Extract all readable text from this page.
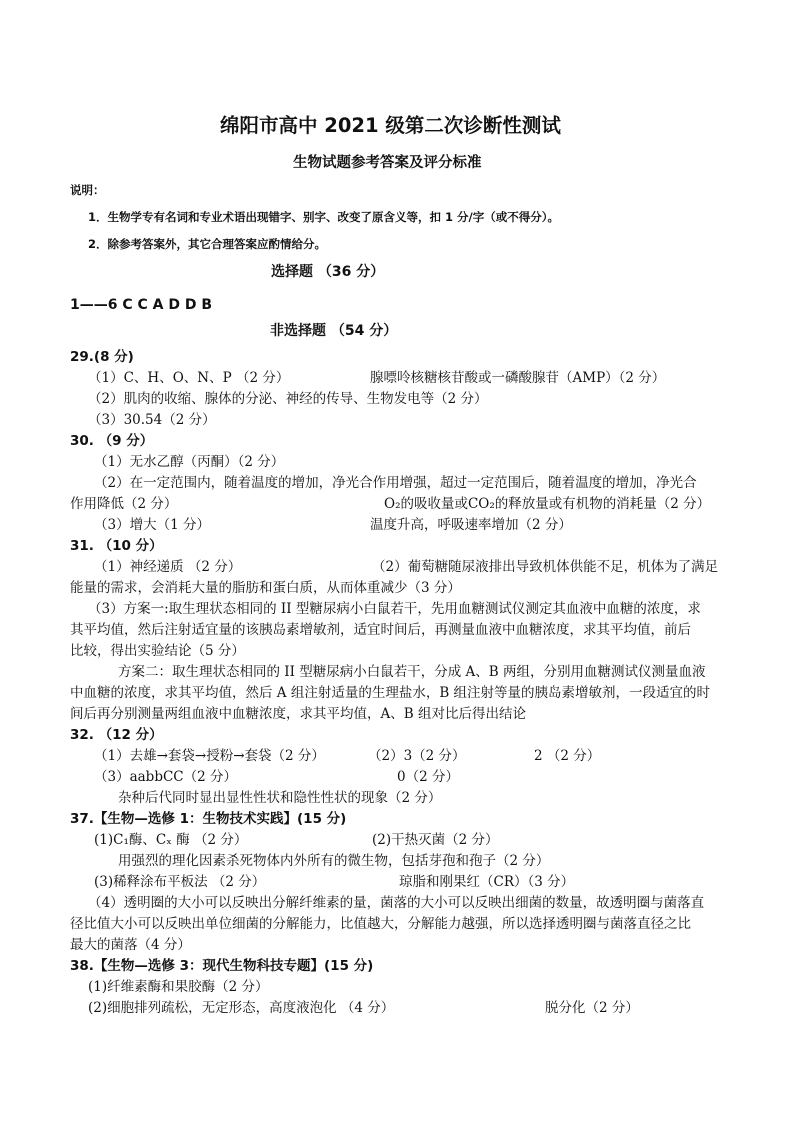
绵阳市高中 2021 级第二次诊断性测试
生物试题参考答案及评分标准
说明：
1．生物学专有名词和专业术语出现错字、别字、改变了原含义等，扣 1 分/字（或不得分）。
2．除参考答案外，其它合理答案应酌情给分。
选择题 （36 分）
1——6 C C A D D B
非选择题 （54 分）
29.(8 分)
（1）C、H、O、N、P （2 分）	腺嘌呤核糖核苷酸或一磷酸腺苷（AMP）（2 分）
（2）肌肉的收缩、腺体的分泌、神经的传导、生物发电等（2 分）
（3）30.54（2 分）
30. （9 分）
（1）无水乙醇（丙酮）（2 分）
（2）在一定范围内，随着温度的增加，净光合作用增强，超过一定范围后，随着温度的增加，净光合
作用降低（2 分）	O₂的吸收量或CO₂的释放量或有机物的消耗量（2 分）
（3）增大（1 分）	温度升高，呼吸速率增加（2 分）
31. （10 分）
（1）神经递质 （2 分）	（2）葡萄糖随尿液排出导致机体供能不足，机体为了满足
能量的需求，会消耗大量的脂肪和蛋白质，从而体重减少（3 分）
（3）方案一:取生理状态相同的 II 型糖尿病小白鼠若干，先用血糖测试仪测定其血液中血糖的浓度，求
其平均值，然后注射适宜量的该胰岛素增敏剂，适宜时间后，再测量血液中血糖浓度，求其平均值，前后
比较，得出实验结论（5 分）
方案二：取生理状态相同的 II 型糖尿病小白鼠若干，分成 A、B 两组，分别用血糖测试仪测量血液
中血糖的浓度，求其平均值，然后 A 组注射适量的生理盐水，B 组注射等量的胰岛素增敏剂，一段适宜的时
间后再分别测量两组血液中血糖浓度，求其平均值，A、B 组对比后得出结论
32. （12 分）
（1）去雄→套袋→授粉→套袋（2 分）	（2）3（2 分）	2 （2 分）
（3）aabbCC（2 分）	0（2 分）
杂种后代同时显出显性性状和隐性性状的现象（2 分）
37.【生物—选修 1：生物技术实践】(15 分)
(1)C₁酶、Cₓ 酶 （2 分）	(2)干热灭菌（2 分）
用强烈的理化因素杀死物体内外所有的微生物，包括芽孢和孢子（2 分）
(3)稀释涂布平板法 （2 分）	琼脂和刚果红（CR）（3 分）
（4）透明圈的大小可以反映出分解纤维素的量，菌落的大小可以反映出细菌的数量，故透明圈与菌落直
径比值大小可以反映出单位细菌的分解能力，比值越大，分解能力越强，所以选择透明圈与菌落直径之比
最大的菌落（4 分）
38.【生物—选修 3：现代生物科技专题】(15 分)
(1)纤维素酶和果胶酶（2 分）
(2)细胞排列疏松，无定形态，高度液泡化 （4 分）	脱分化（2 分）
